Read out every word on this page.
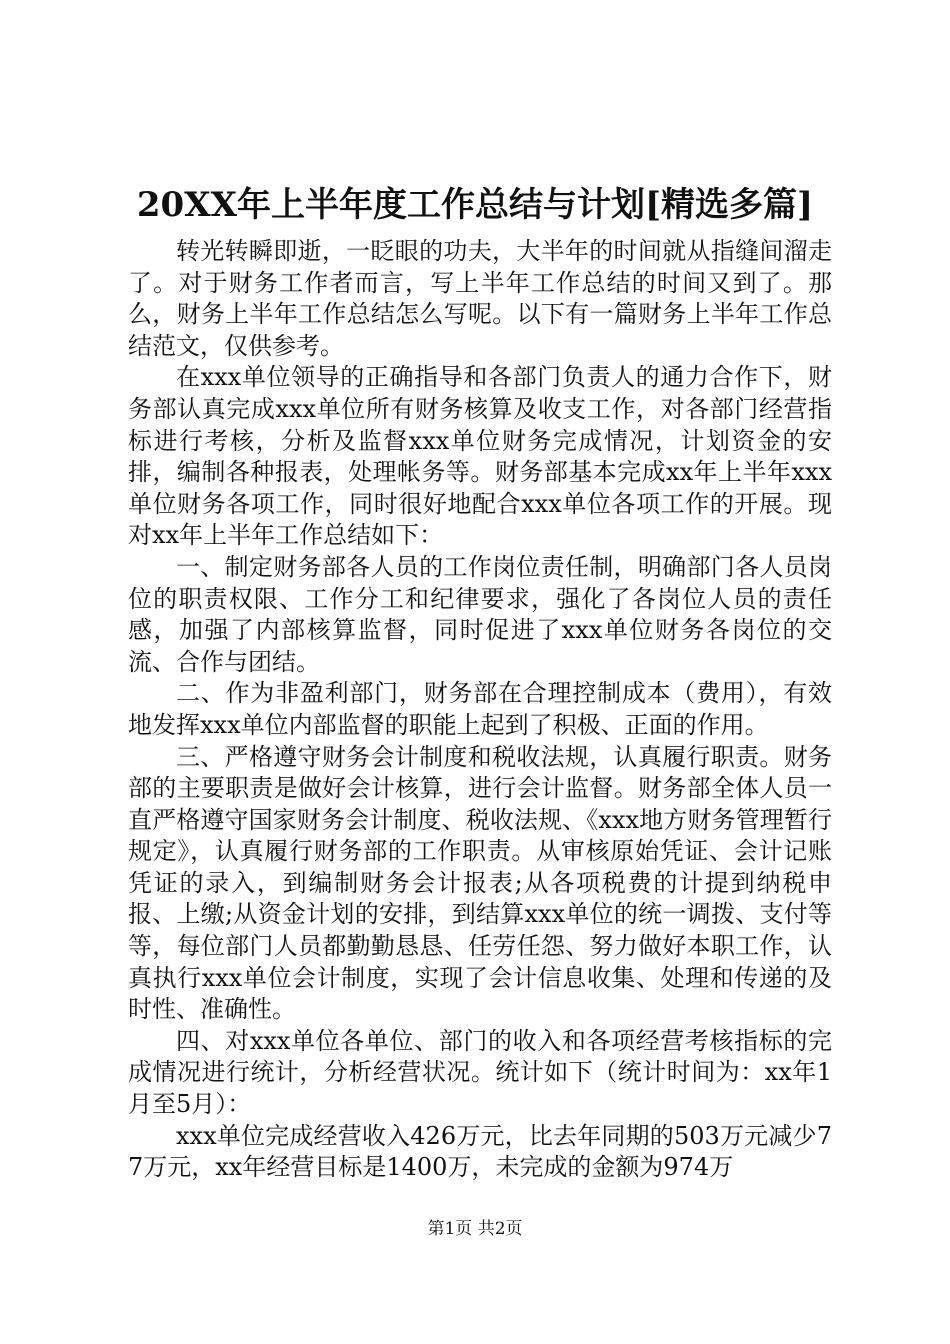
20XX年上半年度工作总结与计划[精选多篇]

转光转瞬即逝，一眨眼的功夫，大半年的时间就从指缝间溜走了。对于财务工作者而言，写上半年工作总结的时间又到了。那么，财务上半年工作总结怎么写呢。以下有一篇财务上半年工作总结范文，仅供参考。

在xxx单位领导的正确指导和各部门负责人的通力合作下，财务部认真完成xxx单位所有财务核算及收支工作，对各部门经营指标进行考核，分析及监督xxx单位财务完成情况，计划资金的安排，编制各种报表，处理帐务等。财务部基本完成xx年上半年xxx单位财务各项工作，同时很好地配合xxx单位各项工作的开展。现对xx年上半年工作总结如下：

一、制定财务部各人员的工作岗位责任制，明确部门各人员岗位的职责权限、工作分工和纪律要求，强化了各岗位人员的责任感，加强了内部核算监督，同时促进了xxx单位财务各岗位的交流、合作与团结。

二、作为非盈利部门，财务部在合理控制成本（费用），有效地发挥xxx单位内部监督的职能上起到了积极、正面的作用。

三、严格遵守财务会计制度和税收法规，认真履行职责。财务部的主要职责是做好会计核算，进行会计监督。财务部全体人员一直严格遵守国家财务会计制度、税收法规、《xxx地方财务管理暂行规定》，认真履行财务部的工作职责。从审核原始凭证、会计记账凭证的录入，到编制财务会计报表;从各项税费的计提到纳税申报、上缴;从资金计划的安排，到结算xxx单位的统一调拨、支付等等，每位部门人员都勤勤恳恳、任劳任怨、努力做好本职工作，认真执行xxx单位会计制度，实现了会计信息收集、处理和传递的及时性、准确性。

四、对xxx单位各单位、部门的收入和各项经营考核指标的完成情况进行统计，分析经营状况。统计如下（统计时间为：xx年1月至5月）：

xxx单位完成经营收入426万元，比去年同期的503万元减少77万元，xx年经营目标是1400万，未完成的金额为974万

第1页 共2页
